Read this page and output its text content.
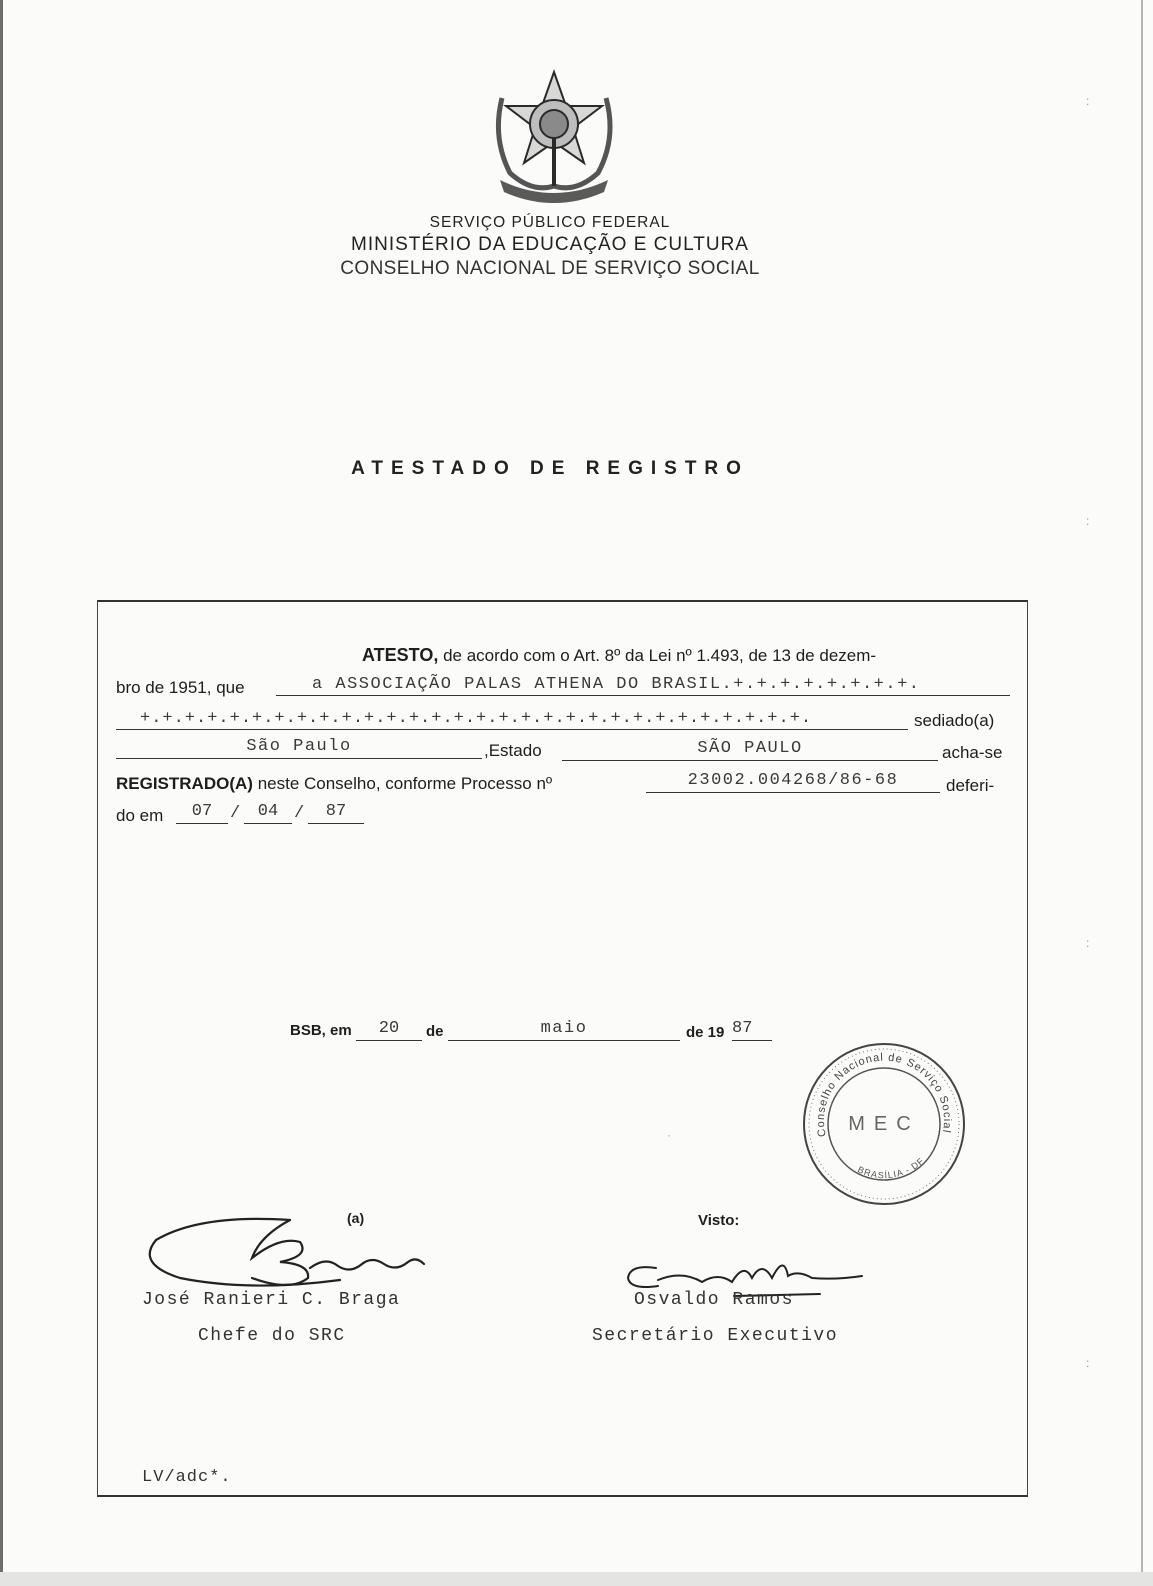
SERVIÇO PÚBLICO FEDERAL
MINISTÉRIO DA EDUCAÇÃO E CULTURA
CONSELHO NACIONAL DE SERVIÇO SOCIAL
ATESTADO DE REGISTRO
ATESTO, de acordo com o Art. 8º da Lei nº 1.493, de 13 de dezem-
bro de 1951, que	a ASSOCIAÇÃO PALAS ATHENA DO BRASIL.+.+.+.+.+.+.+.+.
+.+.+.+.+.+.+.+.+.+.+.+.+.+.+.+.+.+.+.+.+.+.+.+.+.+.+.+.+.+.	sediado(a)
São Paulo	,Estado	SÃO PAULO	acha-se
REGISTRADO(A) neste Conselho, conforme Processo nº	23002.004268/86-68	deferi-
do em	07	/	04 /	87
BSB, em	20	de	maio	de 19 87
Conselho Nacional de Serviço Social
BRASÍLIA - DF
MEC
(a)	Visto:
José Ranieri C. Braga
Chefe do SRC
Osvaldo Ramos
Secretário Executivo
LV/adc*.
:
:
:
:
·
